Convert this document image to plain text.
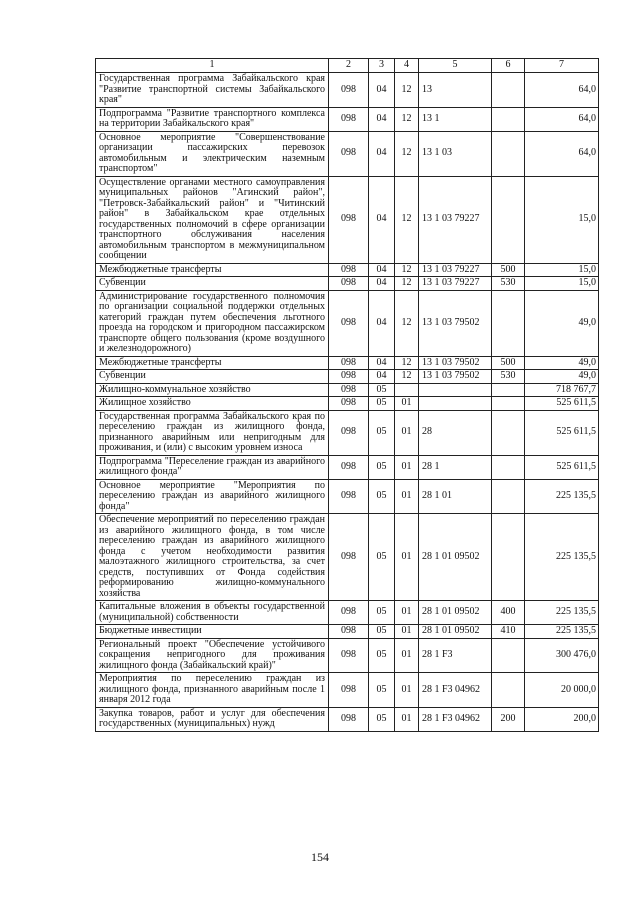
1	2	3	4	5	6	7
Государственная программа Забайкальского края "Развитие транспортной системы Забайкальского края"	098	04	12	13		64,0
Подпрограмма "Развитие транспортного комплекса на территории Забайкальского края"	098	04	12	13 1		64,0
Основное мероприятие "Совершенствование организации пассажирских перевозок автомобильным и электрическим наземным транспортом"	098	04	12	13 1 03		64,0
Осуществление органами местного самоуправления муниципальных районов "Агинский район", "Петровск-Забайкальский район" и "Читинский район" в Забайкальском крае отдельных государственных полномочий в сфере организации транспортного обслуживания населения автомобильным транспортом в межмуниципальном сообщении	098	04	12	13 1 03 79227		15,0
Межбюджетные трансферты	098	04	12	13 1 03 79227	500	15,0
Субвенции	098	04	12	13 1 03 79227	530	15,0
Администрирование государственного полномочия по организации социальной поддержки отдельных категорий граждан путем обеспечения льготного проезда на городском и пригородном пассажирском транспорте общего пользования (кроме воздушного и железнодорожного)	098	04	12	13 1 03 79502		49,0
Межбюджетные трансферты	098	04	12	13 1 03 79502	500	49,0
Субвенции	098	04	12	13 1 03 79502	530	49,0
Жилищно-коммунальное хозяйство	098	05				718 767,7
Жилищное хозяйство	098	05	01			525 611,5
Государственная программа Забайкальского края по переселению граждан из жилищного фонда, признанного аварийным или непригодным для проживания, и (или) с высоким уровнем износа	098	05	01	28		525 611,5
Подпрограмма "Переселение граждан из аварийного жилищного фонда"	098	05	01	28 1		525 611,5
Основное мероприятие "Мероприятия по переселению граждан из аварийного жилищного фонда"	098	05	01	28 1 01		225 135,5
Обеспечение мероприятий по переселению граждан из аварийного жилищного фонда, в том числе переселению граждан из аварийного жилищного фонда с учетом необходимости развития малоэтажного жилищного строительства, за счет средств, поступивших от Фонда содействия реформированию жилищно-коммунального хозяйства	098	05	01	28 1 01 09502		225 135,5
Капитальные вложения в объекты государственной (муниципальной) собственности	098	05	01	28 1 01 09502	400	225 135,5
Бюджетные инвестиции	098	05	01	28 1 01 09502	410	225 135,5
Региональный проект "Обеспечение устойчивого сокращения непригодного для проживания жилищного фонда (Забайкальский край)"	098	05	01	28 1 F3		300 476,0
Мероприятия по переселению граждан из жилищного фонда, признанного аварийным после 1 января 2012 года	098	05	01	28 1 F3 04962		20 000,0
Закупка товаров, работ и услуг для обеспечения государственных (муниципальных) нужд	098	05	01	28 1 F3 04962	200	200,0
154
